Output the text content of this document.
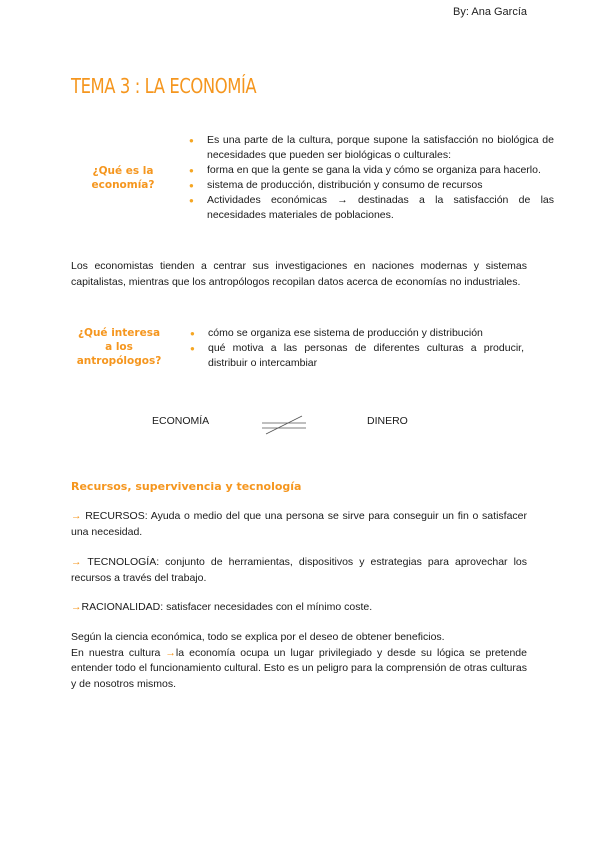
By: Ana García
TEMA 3 : LA ECONOMÍA
¿Qué es la economía?
● Es una parte de la cultura, porque supone la satisfacción no biológica de necesidades que pueden ser biológicas o culturales:
● forma en que la gente se gana la vida y cómo se organiza para hacerlo.
● sistema de producción, distribución y consumo de recursos
● Actividades económicas → destinadas a la satisfacción de las necesidades materiales de poblaciones.
Los economistas tienden a centrar sus investigaciones en naciones modernas y sistemas capitalistas, mientras que los antropólogos recopilan datos acerca de economías no industriales.
¿Qué interesa a los antropólogos?
● cómo se organiza ese sistema de producción y distribución
● qué motiva a las personas de diferentes culturas a producir, distribuir o intercambiar
ECONOMÍA	DINERO
Recursos, supervivencia y tecnología
→ RECURSOS: Ayuda o medio del que una persona se sirve para conseguir un fin o satisfacer una necesidad.
→ TECNOLOGÍA: conjunto de herramientas, dispositivos y estrategias para aprovechar los recursos a través del trabajo.
→RACIONALIDAD: satisfacer necesidades con el mínimo coste.
Según la ciencia económica, todo se explica por el deseo de obtener beneficios.
En nuestra cultura →la economía ocupa un lugar privilegiado y desde su lógica se pretende entender todo el funcionamiento cultural. Esto es un peligro para la comprensión de otras culturas y de nosotros mismos.
